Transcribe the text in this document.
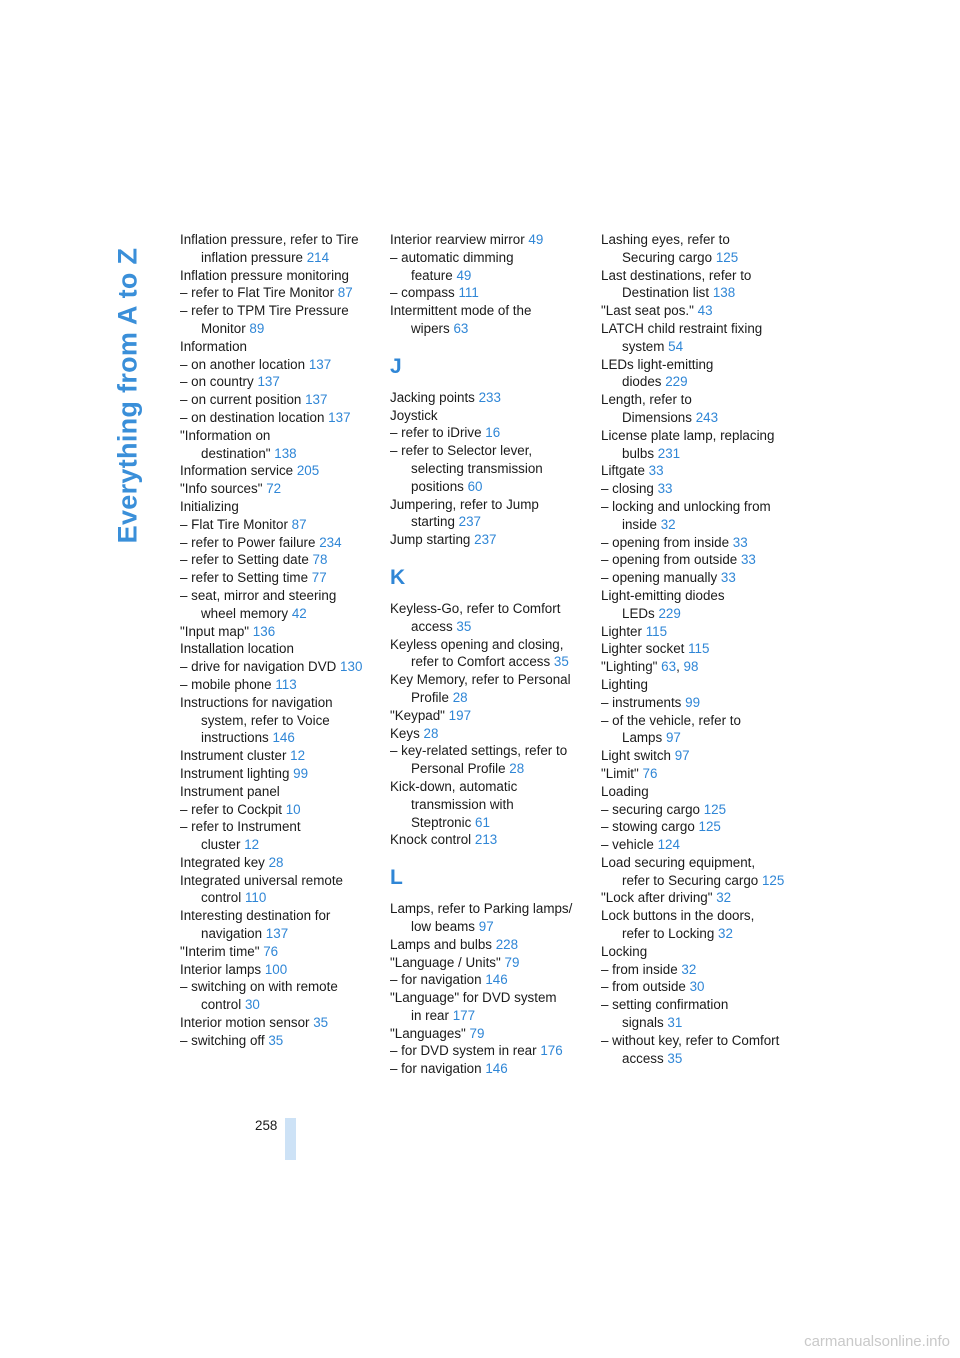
Everything from A to Z
Inflation pressure, refer to Tire
inflation pressure 214
Inflation pressure monitoring
– refer to Flat Tire Monitor 87
– refer to TPM Tire Pressure
Monitor 89
Information
– on another location 137
– on country 137
– on current position 137
– on destination location 137
"Information on
destination" 138
Information service 205
"Info sources" 72
Initializing
– Flat Tire Monitor 87
– refer to Power failure 234
– refer to Setting date 78
– refer to Setting time 77
– seat, mirror and steering
wheel memory 42
"Input map" 136
Installation location
– drive for navigation DVD 130
– mobile phone 113
Instructions for navigation
system, refer to Voice
instructions 146
Instrument cluster 12
Instrument lighting 99
Instrument panel
– refer to Cockpit 10
– refer to Instrument
cluster 12
Integrated key 28
Integrated universal remote
control 110
Interesting destination for
navigation 137
"Interim time" 76
Interior lamps 100
– switching on with remote
control 30
Interior motion sensor 35
– switching off 35
Interior rearview mirror 49
– automatic dimming
feature 49
– compass 111
Intermittent mode of the
wipers 63
J
Jacking points 233
Joystick
– refer to iDrive 16
– refer to Selector lever,
selecting transmission
positions 60
Jumpering, refer to Jump
starting 237
Jump starting 237
K
Keyless-Go, refer to Comfort
access 35
Keyless opening and closing,
refer to Comfort access 35
Key Memory, refer to Personal
Profile 28
"Keypad" 197
Keys 28
– key-related settings, refer to
Personal Profile 28
Kick-down, automatic
transmission with
Steptronic 61
Knock control 213
L
Lamps, refer to Parking lamps/
low beams 97
Lamps and bulbs 228
"Language / Units" 79
– for navigation 146
"Language" for DVD system
in rear 177
"Languages" 79
– for DVD system in rear 176
– for navigation 146
Lashing eyes, refer to
Securing cargo 125
Last destinations, refer to
Destination list 138
"Last seat pos." 43
LATCH child restraint fixing
system 54
LEDs light-emitting
diodes 229
Length, refer to
Dimensions 243
License plate lamp, replacing
bulbs 231
Liftgate 33
– closing 33
– locking and unlocking from
inside 32
– opening from inside 33
– opening from outside 33
– opening manually 33
Light-emitting diodes
LEDs 229
Lighter 115
Lighter socket 115
"Lighting" 63, 98
Lighting
– instruments 99
– of the vehicle, refer to
Lamps 97
Light switch 97
"Limit" 76
Loading
– securing cargo 125
– stowing cargo 125
– vehicle 124
Load securing equipment,
refer to Securing cargo 125
"Lock after driving" 32
Lock buttons in the doors,
refer to Locking 32
Locking
– from inside 32
– from outside 30
– setting confirmation
signals 31
– without key, refer to Comfort
access 35
258
carmanualsonline.info
